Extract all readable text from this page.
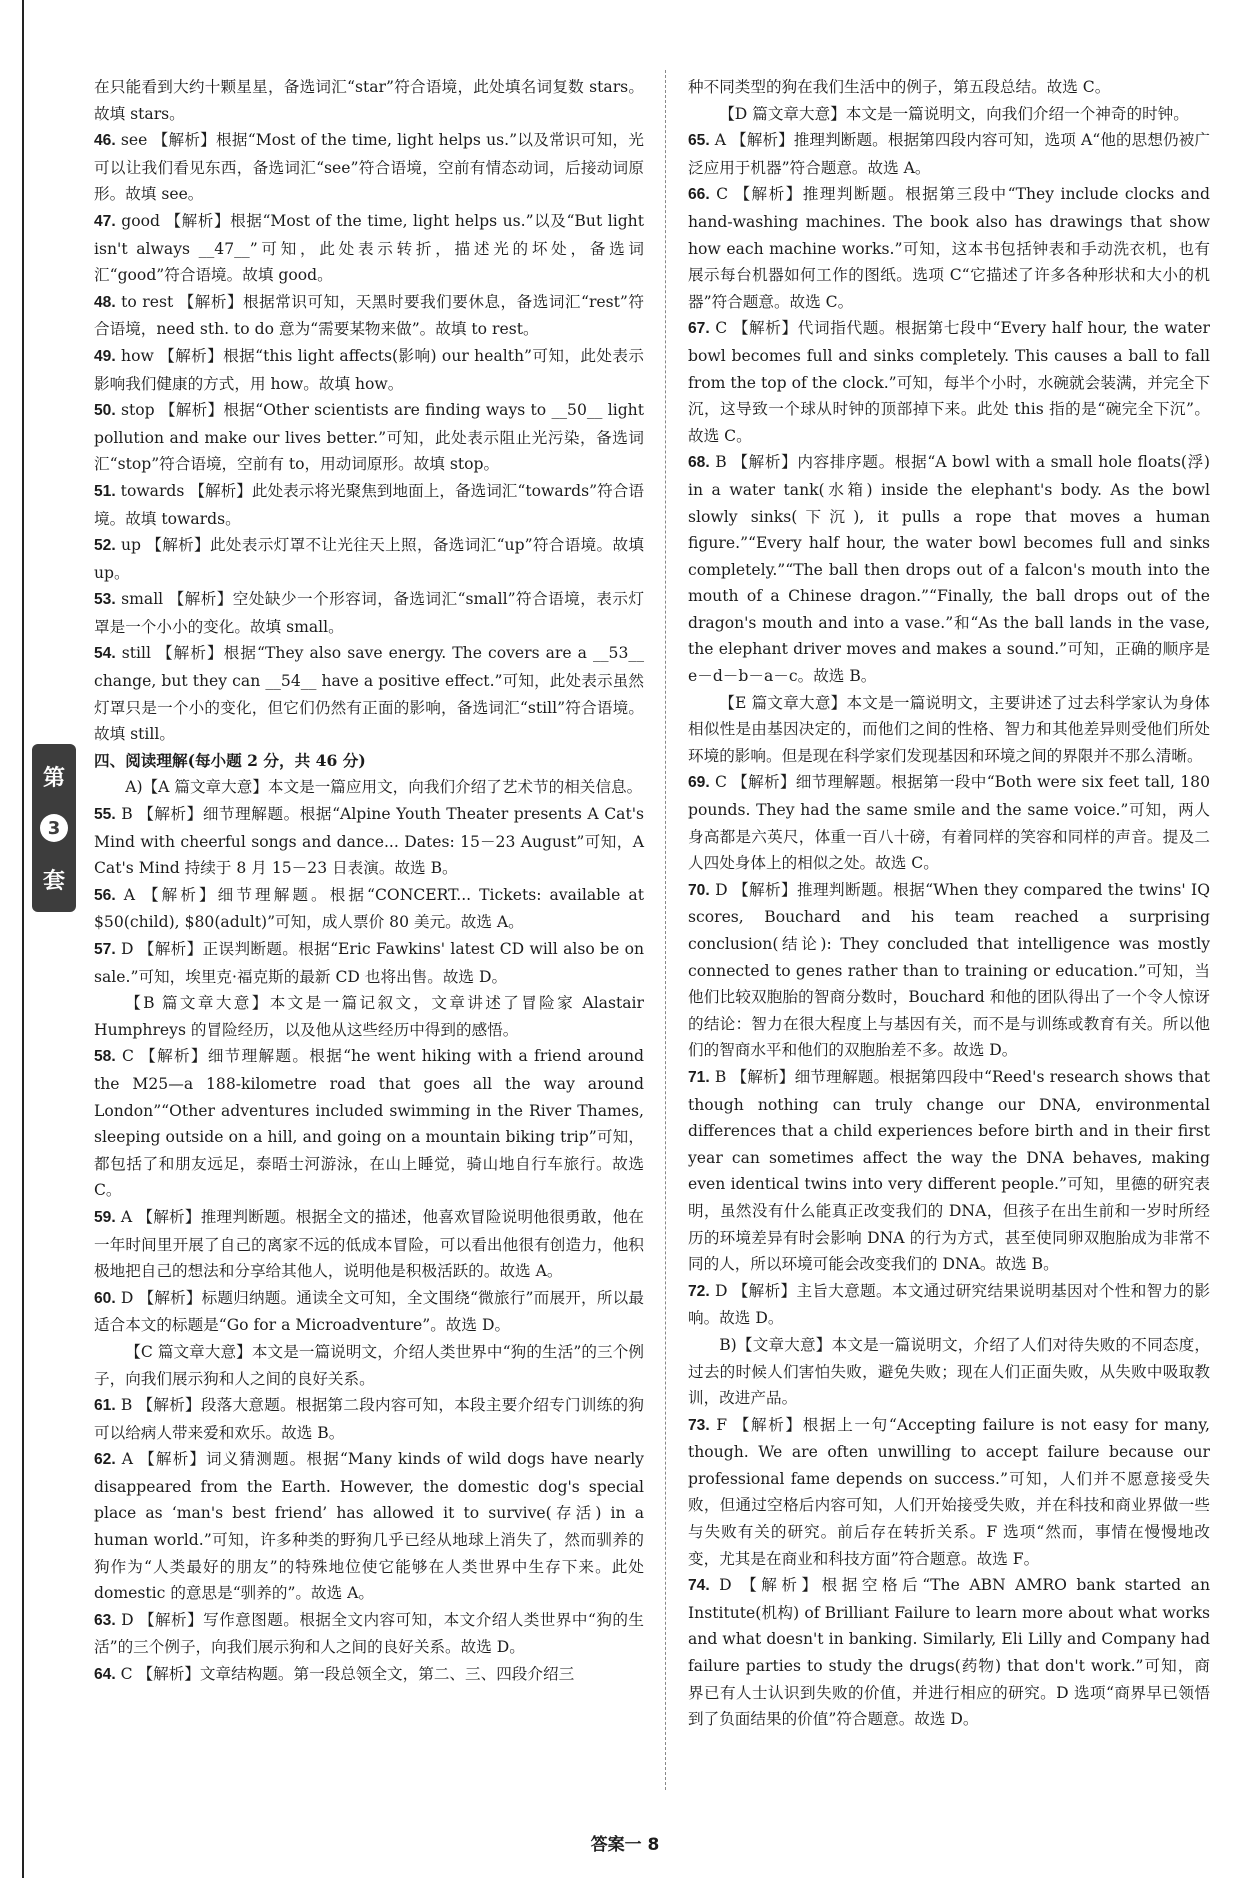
在只能看到大约十颗星星，备选词汇“star”符合语境，此处填名词复数 stars。故填 stars。

46. see 【解析】根据“Most of the time, light helps us.”以及常识可知，光可以让我们看见东西，备选词汇“see”符合语境，空前有情态动词，后接动词原形。故填 see。

47. good 【解析】根据“Most of the time, light helps us.”以及“But light isn't always __47__”可知，此处表示转折，描述光的坏处，备选词汇“good”符合语境。故填 good。

48. to rest 【解析】根据常识可知，天黑时要我们要休息，备选词汇“rest”符合语境，need sth. to do 意为“需要某物来做”。故填 to rest。

49. how 【解析】根据“this light affects(影响) our health”可知，此处表示影响我们健康的方式，用 how。故填 how。

50. stop 【解析】根据“Other scientists are finding ways to __50__ light pollution and make our lives better.”可知，此处表示阻止光污染，备选词汇“stop”符合语境，空前有 to，用动词原形。故填 stop。

51. towards 【解析】此处表示将光聚焦到地面上，备选词汇“towards”符合语境。故填 towards。

52. up 【解析】此处表示灯罩不让光往天上照，备选词汇“up”符合语境。故填 up。

53. small 【解析】空处缺少一个形容词，备选词汇“small”符合语境，表示灯罩是一个小小的变化。故填 small。

54. still 【解析】根据“They also save energy. The covers are a __53__ change, but they can __54__ have a positive effect.”可知，此处表示虽然灯罩只是一个小的变化，但它们仍然有正面的影响，备选词汇“still”符合语境。故填 still。

四、阅读理解(每小题 2 分，共 46 分)

A)【A 篇文章大意】本文是一篇应用文，向我们介绍了艺术节的相关信息。

55. B 【解析】细节理解题。根据“Alpine Youth Theater presents A Cat's Mind with cheerful songs and dance... Dates: 15－23 August”可知，A Cat's Mind 持续于 8 月 15－23 日表演。故选 B。

56. A 【解析】细节理解题。根据“CONCERT... Tickets: available at $50(child), $80(adult)”可知，成人票价 80 美元。故选 A。

57. D 【解析】正误判断题。根据“Eric Fawkins' latest CD will also be on sale.”可知，埃里克·福克斯的最新 CD 也将出售。故选 D。

【B 篇文章大意】本文是一篇记叙文，文章讲述了冒险家 Alastair Humphreys 的冒险经历，以及他从这些经历中得到的感悟。

58. C 【解析】细节理解题。根据“he went hiking with a friend around the M25—a 188-kilometre road that goes all the way around London”“Other adventures included swimming in the River Thames, sleeping outside on a hill, and going on a mountain biking trip”可知，都包括了和朋友远足，泰晤士河游泳，在山上睡觉，骑山地自行车旅行。故选 C。

59. A 【解析】推理判断题。根据全文的描述，他喜欢冒险说明他很勇敢，他在一年时间里开展了自己的离家不远的低成本冒险，可以看出他很有创造力，他积极地把自己的想法和分享给其他人，说明他是积极活跃的。故选 A。

60. D 【解析】标题归纳题。通读全文可知，全文围绕“微旅行”而展开，所以最适合本文的标题是“Go for a Microadventure”。故选 D。

【C 篇文章大意】本文是一篇说明文，介绍人类世界中“狗的生活”的三个例子，向我们展示狗和人之间的良好关系。

61. B 【解析】段落大意题。根据第二段内容可知，本段主要介绍专门训练的狗可以给病人带来爱和欢乐。故选 B。

62. A 【解析】词义猜测题。根据“Many kinds of wild dogs have nearly disappeared from the Earth. However, the domestic dog's special place as ‘man's best friend’ has allowed it to survive(存活) in a human world.”可知，许多种类的野狗几乎已经从地球上消失了，然而驯养的狗作为“人类最好的朋友”的特殊地位使它能够在人类世界中生存下来。此处 domestic 的意思是“驯养的”。故选 A。

63. D 【解析】写作意图题。根据全文内容可知，本文介绍人类世界中“狗的生活”的三个例子，向我们展示狗和人之间的良好关系。故选 D。

64. C 【解析】文章结构题。第一段总领全文，第二、三、四段介绍三

种不同类型的狗在我们生活中的例子，第五段总结。故选 C。

【D 篇文章大意】本文是一篇说明文，向我们介绍一个神奇的时钟。

65. A 【解析】推理判断题。根据第四段内容可知，选项 A“他的思想仍被广泛应用于机器”符合题意。故选 A。

66. C 【解析】推理判断题。根据第三段中“They include clocks and hand-washing machines. The book also has drawings that show how each machine works.”可知，这本书包括钟表和手动洗衣机，也有展示每台机器如何工作的图纸。选项 C“它描述了许多各种形状和大小的机器”符合题意。故选 C。

67. C 【解析】代词指代题。根据第七段中“Every half hour, the water bowl becomes full and sinks completely. This causes a ball to fall from the top of the clock.”可知，每半个小时，水碗就会装满，并完全下沉，这导致一个球从时钟的顶部掉下来。此处 this 指的是“碗完全下沉”。故选 C。

68. B 【解析】内容排序题。根据“A bowl with a small hole floats(浮) in a water tank(水箱) inside the elephant's body. As the bowl slowly sinks(下沉), it pulls a rope that moves a human figure.”“Every half hour, the water bowl becomes full and sinks completely.”“The ball then drops out of a falcon's mouth into the mouth of a Chinese dragon.”“Finally, the ball drops out of the dragon's mouth and into a vase.”和“As the ball lands in the vase, the elephant driver moves and makes a sound.”可知，正确的顺序是 e－d－b－a－c。故选 B。

【E 篇文章大意】本文是一篇说明文，主要讲述了过去科学家认为身体相似性是由基因决定的，而他们之间的性格、智力和其他差异则受他们所处环境的影响。但是现在科学家们发现基因和环境之间的界限并不那么清晰。

69. C 【解析】细节理解题。根据第一段中“Both were six feet tall, 180 pounds. They had the same smile and the same voice.”可知，两人身高都是六英尺，体重一百八十磅，有着同样的笑容和同样的声音。提及二人四处身体上的相似之处。故选 C。

70. D 【解析】推理判断题。根据“When they compared the twins' IQ scores, Bouchard and his team reached a surprising conclusion(结论): They concluded that intelligence was mostly connected to genes rather than to training or education.”可知，当他们比较双胞胎的智商分数时，Bouchard 和他的团队得出了一个令人惊讶的结论：智力在很大程度上与基因有关，而不是与训练或教育有关。所以他们的智商水平和他们的双胞胎差不多。故选 D。

71. B 【解析】细节理解题。根据第四段中“Reed's research shows that though nothing can truly change our DNA, environmental differences that a child experiences before birth and in their first year can sometimes affect the way the DNA behaves, making even identical twins into very different people.”可知，里德的研究表明，虽然没有什么能真正改变我们的 DNA，但孩子在出生前和一岁时所经历的环境差异有时会影响 DNA 的行为方式，甚至使同卵双胞胎成为非常不同的人，所以环境可能会改变我们的 DNA。故选 B。

72. D 【解析】主旨大意题。本文通过研究结果说明基因对个性和智力的影响。故选 D。

B)【文章大意】本文是一篇说明文，介绍了人们对待失败的不同态度，过去的时候人们害怕失败，避免失败；现在人们正面失败，从失败中吸取教训，改进产品。

73. F 【解析】根据上一句“Accepting failure is not easy for many, though. We are often unwilling to accept failure because our professional fame depends on success.”可知，人们并不愿意接受失败，但通过空格后内容可知，人们开始接受失败，并在科技和商业界做一些与失败有关的研究。前后存在转折关系。F 选项“然而，事情在慢慢地改变，尤其是在商业和科技方面”符合题意。故选 F。

74. D 【解析】根据空格后“The ABN AMRO bank started an Institute(机构) of Brilliant Failure to learn more about what works and what doesn't in banking. Similarly, Eli Lilly and Company had failure parties to study the drugs(药物) that don't work.”可知，商界已有人士认识到失败的价值，并进行相应的研究。D 选项“商界早已领悟到了负面结果的价值”符合题意。故选 D。

第
3
套
答案一 8
